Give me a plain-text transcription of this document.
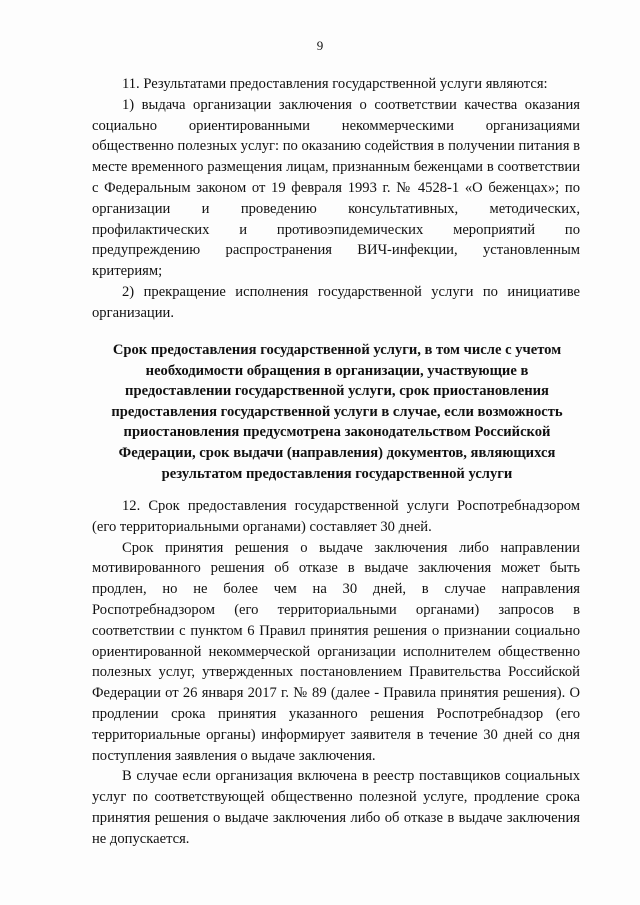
9

11. Результатами предоставления государственной услуги являются:

1) выдача организации заключения о соответствии качества оказания социально ориентированными некоммерческими организациями общественно полезных услуг: по оказанию содействия в получении питания в месте временного размещения лицам, признанным беженцами в соответствии с Федеральным законом от 19 февраля 1993 г. № 4528-1 «О беженцах»; по организации и проведению консультативных, методических, профилактических и противоэпидемических мероприятий по предупреждению распространения ВИЧ-инфекции, установленным критериям;

2) прекращение исполнения государственной услуги по инициативе организации.

Срок предоставления государственной услуги, в том числе с учетом необходимости обращения в организации, участвующие в предоставлении государственной услуги, срок приостановления предоставления государственной услуги в случае, если возможность приостановления предусмотрена законодательством Российской Федерации, срок выдачи (направления) документов, являющихся результатом предоставления государственной услуги

12. Срок предоставления государственной услуги Роспотребнадзором (его территориальными органами) составляет 30 дней.

Срок принятия решения о выдаче заключения либо направлении мотивированного решения об отказе в выдаче заключения может быть продлен, но не более чем на 30 дней, в случае направления Роспотребнадзором (его территориальными органами) запросов в соответствии с пунктом 6 Правил принятия решения о признании социально ориентированной некоммерческой организации исполнителем общественно полезных услуг, утвержденных постановлением Правительства Российской Федерации от 26 января 2017 г. № 89 (далее - Правила принятия решения). О продлении срока принятия указанного решения Роспотребнадзор (его территориальные органы) информирует заявителя в течение 30 дней со дня поступления заявления о выдаче заключения.

В случае если организация включена в реестр поставщиков социальных услуг по соответствующей общественно полезной услуге, продление срока принятия решения о выдаче заключения либо об отказе в выдаче заключения не допускается.
